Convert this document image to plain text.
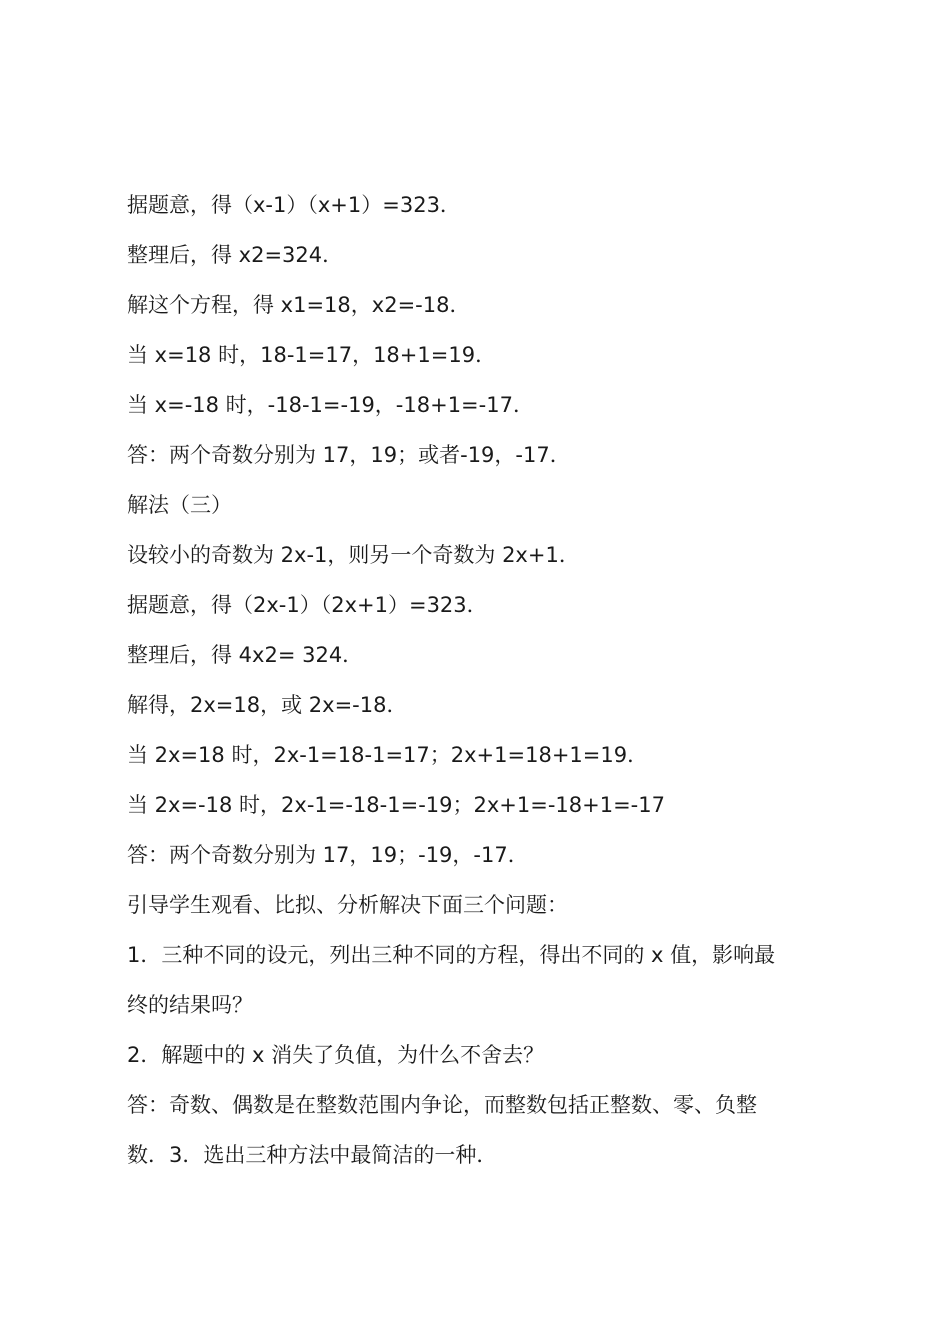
据题意，得（x-1）（x+1）=323．
整理后，得 x2=324．
解这个方程，得 x1=18，x2=-18．
当 x=18 时，18-1=17，18+1=19．
当 x=-18 时，-18-1=-19，-18+1=-17．
答：两个奇数分别为 17，19；或者-19，-17．
解法（三）
设较小的奇数为 2x-1，则另一个奇数为 2x+1．
据题意，得（2x-1）（2x+1）=323．
整理后，得 4x2= 324．
解得，2x=18，或 2x=-18．
当 2x=18 时，2x-1=18-1=17；2x+1=18+1=19．
当 2x=-18 时，2x-1=-18-1=-19；2x+1=-18+1=-17
答：两个奇数分别为 17，19；-19，-17．
引导学生观看、比拟、分析解决下面三个问题：
1．三种不同的设元，列出三种不同的方程，得出不同的 x 值，影响最
终的结果吗？
2．解题中的 x 消失了负值，为什么不舍去？
答：奇数、偶数是在整数范围内争论，而整数包括正整数、零、负整
数．3．选出三种方法中最简洁的一种．
